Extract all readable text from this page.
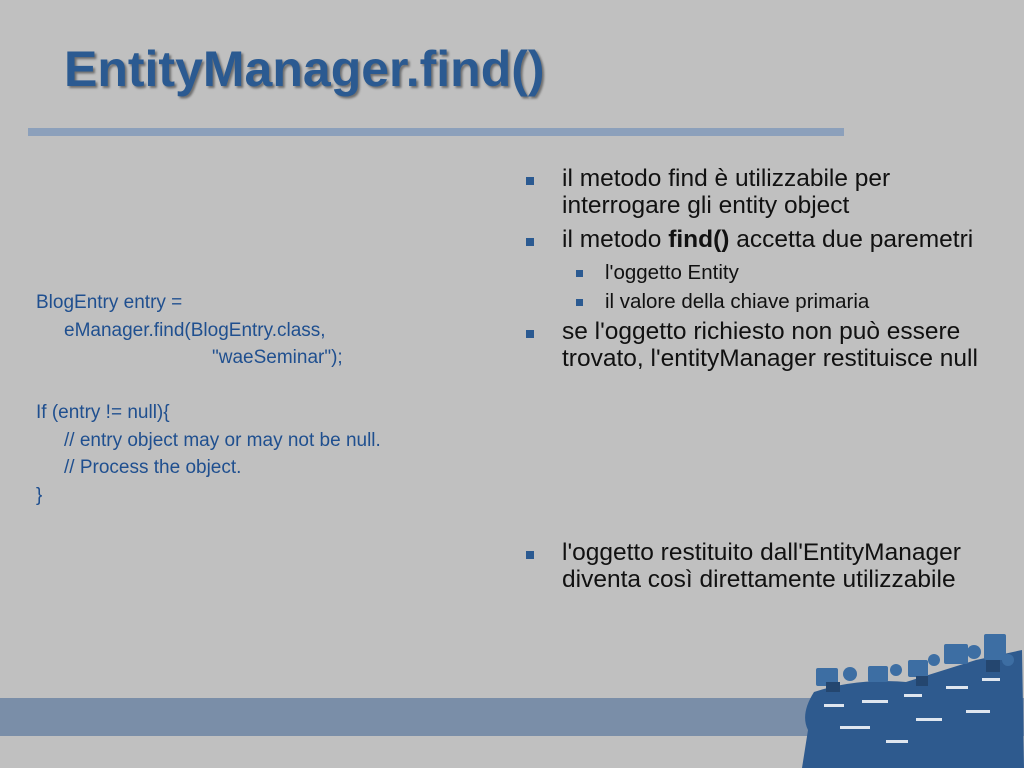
EntityManager.find()
BlogEntry entry =
eManager.find(BlogEntry.class,
"waeSeminar");
If (entry != null){
// entry object may or may not be null.
// Process the object.
}
il metodo find è utilizzabile per interrogare gli entity object
il metodo find() accetta due paremetri
l'oggetto Entity
il valore della chiave primaria
se l'oggetto richiesto non può essere trovato, l'entityManager restituisce null
l'oggetto restituito dall'EntityManager diventa così direttamente utilizzabile
